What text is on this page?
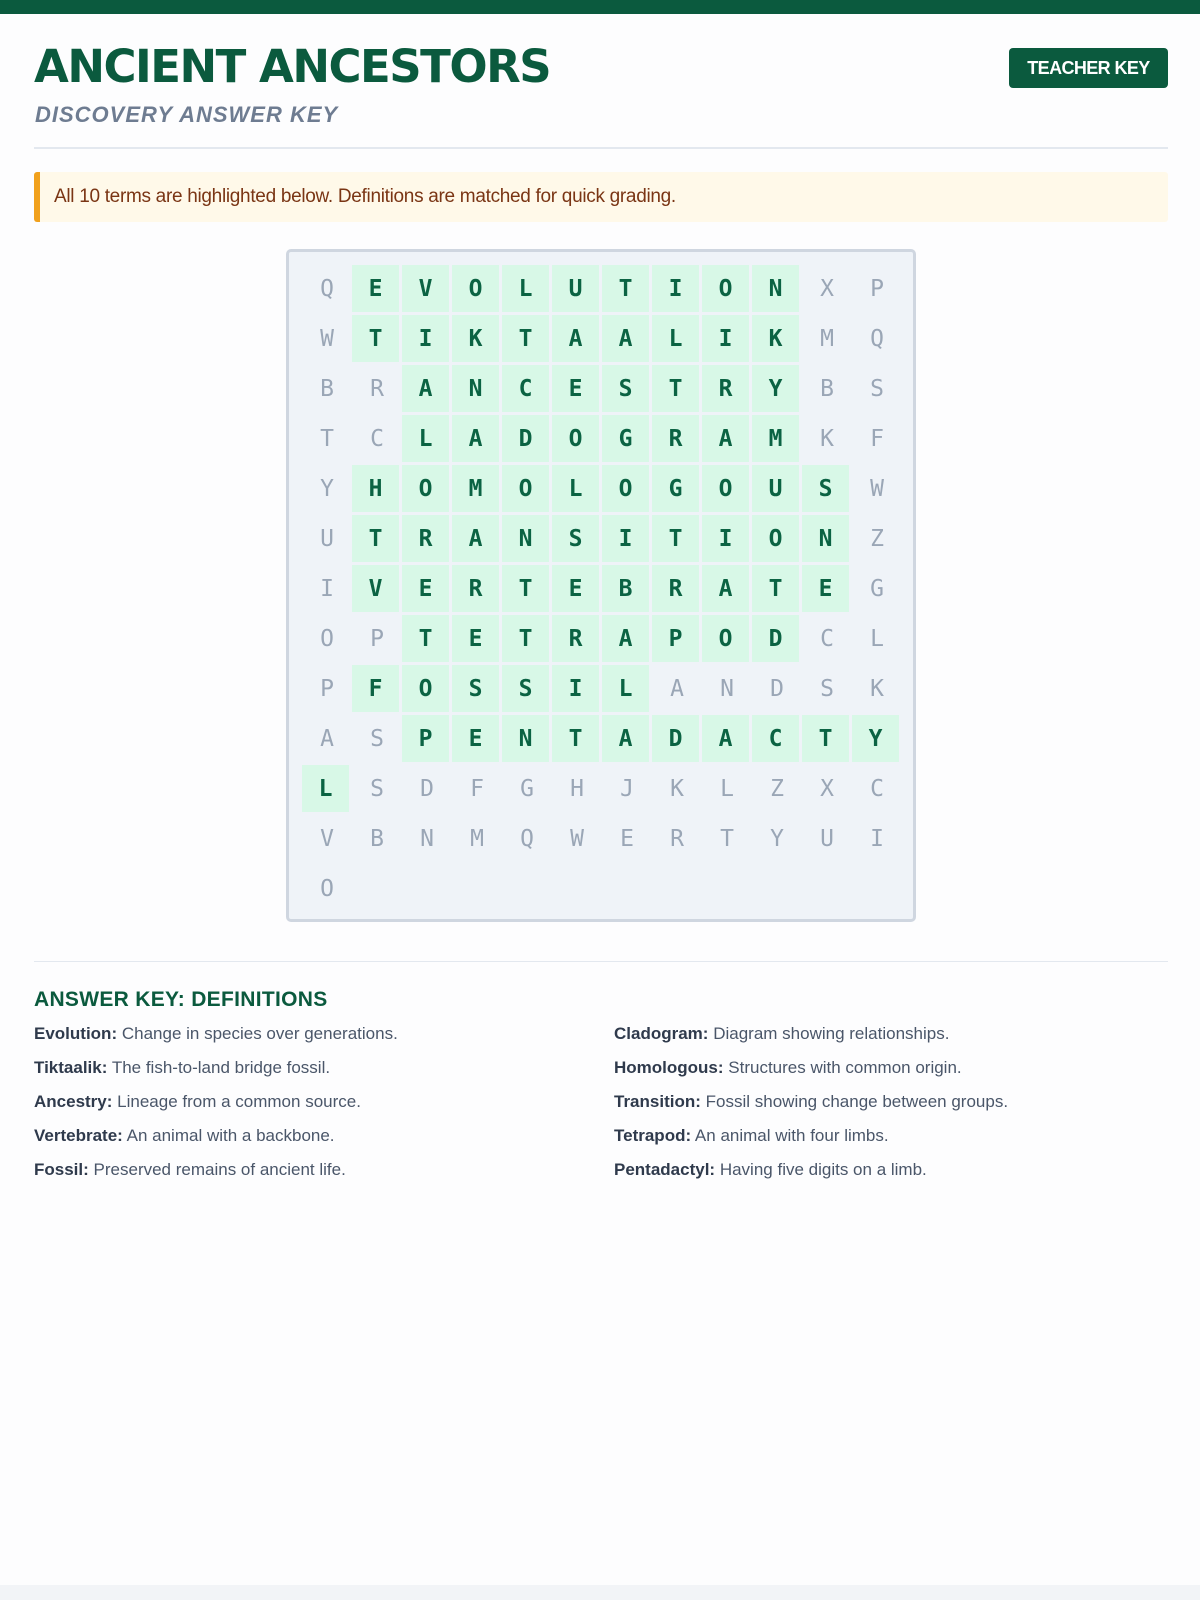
ANCIENT ANCESTORS
DISCOVERY ANSWER KEY
TEACHER KEY
All 10 terms are highlighted below. Definitions are matched for quick grading.
Q	E	V	O	L	U	T	I	O	N	X	P
W	T	I	K	T	A	A	L	I	K	M	Q
B	R	A	N	C	E	S	T	R	Y	B	S
T	C	L	A	D	O	G	R	A	M	K	F
Y	H	O	M	O	L	O	G	O	U	S	W
U	T	R	A	N	S	I	T	I	O	N	Z
I	V	E	R	T	E	B	R	A	T	E	G
O	P	T	E	T	R	A	P	O	D	C	L
P	F	O	S	S	I	L	A	N	D	S	K
A	S	P	E	N	T	A	D	A	C	T	Y
L	S	D	F	G	H	J	K	L	Z	X	C
V	B	N	M	Q	W	E	R	T	Y	U	I
O
ANSWER KEY: DEFINITIONS
Evolution: Change in species over generations.
Tiktaalik: The fish-to-land bridge fossil.
Ancestry: Lineage from a common source.
Vertebrate: An animal with a backbone.
Fossil: Preserved remains of ancient life.
Cladogram: Diagram showing relationships.
Homologous: Structures with common origin.
Transition: Fossil showing change between groups.
Tetrapod: An animal with four limbs.
Pentadactyl: Having five digits on a limb.
